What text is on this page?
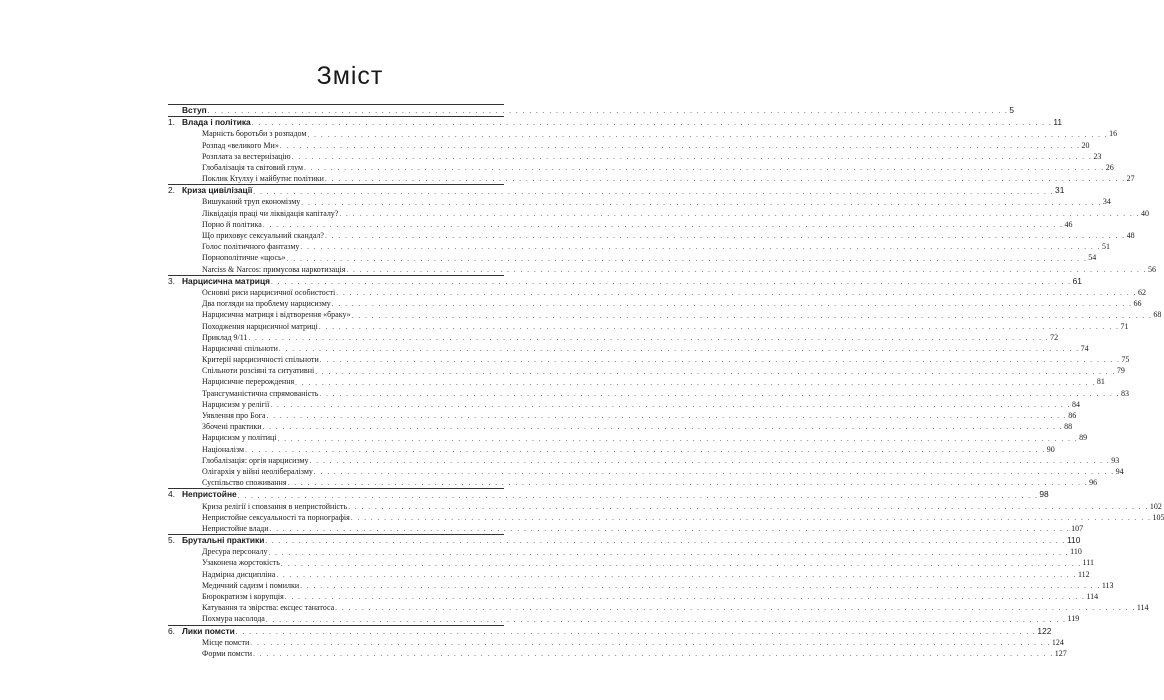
Зміст
Вступ . . . . . . . . . . . . . . . . . . . . . . . . . . . . . . . . . . . . . . . . . . . . . . . . . . . . . . . . . . . . . . . . . . . . . . . . . . . . . . . . . . . . . . . . . . . . . . . . . . . . . . . . . . . . . . . . . . . . . . . . 5
1. Влада і політика . . . . . . . . . . . . . . . . . . . . . . . . . . . . . . . . . . . . . . . . . . . . . . . . . . . . . . . . . . . . . . . . . . . . . . . . . . . . . . . . . . . . . . . . . . . . . . . . . . . . . . . . . . . . . . . . . . . . . . . . 11
Марність боротьби з розпадом . . . . . . . . . . . . . . . . . . . . . . . . . . . . . . . . . . . . . . . . . . . . . . . . . . . . . . . . . . . . . . . . . . . . . . . . . . . . . . . . . . . . . . . . . . . . . . . . . . . . . . . . . . . . . . . . . . . . . . . . 16
Розпад «великого Ми» . . . . . . . . . . . . . . . . . . . . . . . . . . . . . . . . . . . . . . . . . . . . . . . . . . . . . . . . . . . . . . . . . . . . . . . . . . . . . . . . . . . . . . . . . . . . . . . . . . . . . . . . . . . . . . . . . . . . . . . . 20
Розплата за вестернізацію . . . . . . . . . . . . . . . . . . . . . . . . . . . . . . . . . . . . . . . . . . . . . . . . . . . . . . . . . . . . . . . . . . . . . . . . . . . . . . . . . . . . . . . . . . . . . . . . . . . . . . . . . . . . . . . . . . . . . . . . 23
Глобалізація та світовий глум . . . . . . . . . . . . . . . . . . . . . . . . . . . . . . . . . . . . . . . . . . . . . . . . . . . . . . . . . . . . . . . . . . . . . . . . . . . . . . . . . . . . . . . . . . . . . . . . . . . . . . . . . . . . . . . . . . . . . . . . 26
Поклик Ктулху і майбутнє політики . . . . . . . . . . . . . . . . . . . . . . . . . . . . . . . . . . . . . . . . . . . . . . . . . . . . . . . . . . . . . . . . . . . . . . . . . . . . . . . . . . . . . . . . . . . . . . . . . . . . . . . . . . . . . . . . . . . . . . . . 27
2. Криза цивілізації . . . . . . . . . . . . . . . . . . . . . . . . . . . . . . . . . . . . . . . . . . . . . . . . . . . . . . . . . . . . . . . . . . . . . . . . . . . . . . . . . . . . . . . . . . . . . . . . . . . . . . . . . . . . . . . . . . . . . . . . 31
Вишуканий труп економізму . . . . . . . . . . . . . . . . . . . . . . . . . . . . . . . . . . . . . . . . . . . . . . . . . . . . . . . . . . . . . . . . . . . . . . . . . . . . . . . . . . . . . . . . . . . . . . . . . . . . . . . . . . . . . . . . . . . . . . . . 34
Ліквідація праці чи ліквідація капіталу? . . . . . . . . . . . . . . . . . . . . . . . . . . . . . . . . . . . . . . . . . . . . . . . . . . . . . . . . . . . . . . . . . . . . . . . . . . . . . . . . . . . . . . . . . . . . . . . . . . . . . . . . . . . . . . . . . . . . . . . . 40
Порно й політика . . . . . . . . . . . . . . . . . . . . . . . . . . . . . . . . . . . . . . . . . . . . . . . . . . . . . . . . . . . . . . . . . . . . . . . . . . . . . . . . . . . . . . . . . . . . . . . . . . . . . . . . . . . . . . . . . . . . . . . . 46
Що приховує сексуальний скандал? . . . . . . . . . . . . . . . . . . . . . . . . . . . . . . . . . . . . . . . . . . . . . . . . . . . . . . . . . . . . . . . . . . . . . . . . . . . . . . . . . . . . . . . . . . . . . . . . . . . . . . . . . . . . . . . . . . . . . . . . 48
Голос політичного фантазму . . . . . . . . . . . . . . . . . . . . . . . . . . . . . . . . . . . . . . . . . . . . . . . . . . . . . . . . . . . . . . . . . . . . . . . . . . . . . . . . . . . . . . . . . . . . . . . . . . . . . . . . . . . . . . . . . . . . . . . . 51
Порнополітичне «щось» . . . . . . . . . . . . . . . . . . . . . . . . . . . . . . . . . . . . . . . . . . . . . . . . . . . . . . . . . . . . . . . . . . . . . . . . . . . . . . . . . . . . . . . . . . . . . . . . . . . . . . . . . . . . . . . . . . . . . . . . 54
Narciss & Narcos: примусова наркотизація . . . . . . . . . . . . . . . . . . . . . . . . . . . . . . . . . . . . . . . . . . . . . . . . . . . . . . . . . . . . . . . . . . . . . . . . . . . . . . . . . . . . . . . . . . . . . . . . . . . . . . . . . . . . . . . . . . . . . . . . 56
3. Нарцисична матриця . . . . . . . . . . . . . . . . . . . . . . . . . . . . . . . . . . . . . . . . . . . . . . . . . . . . . . . . . . . . . . . . . . . . . . . . . . . . . . . . . . . . . . . . . . . . . . . . . . . . . . . . . . . . . . . . . . . . . . . . 61
Основні риси нарцисичної особистості . . . . . . . . . . . . . . . . . . . . . . . . . . . . . . . . . . . . . . . . . . . . . . . . . . . . . . . . . . . . . . . . . . . . . . . . . . . . . . . . . . . . . . . . . . . . . . . . . . . . . . . . . . . . . . . . . . . . . . . . 62
Два погляди на проблему нарцисизму . . . . . . . . . . . . . . . . . . . . . . . . . . . . . . . . . . . . . . . . . . . . . . . . . . . . . . . . . . . . . . . . . . . . . . . . . . . . . . . . . . . . . . . . . . . . . . . . . . . . . . . . . . . . . . . . . . . . . . . . 66
Нарцисична матриця і відтворення «браку» . . . . . . . . . . . . . . . . . . . . . . . . . . . . . . . . . . . . . . . . . . . . . . . . . . . . . . . . . . . . . . . . . . . . . . . . . . . . . . . . . . . . . . . . . . . . . . . . . . . . . . . . . . . . . . . . . . . . . . . . 68
Походження нарцисичної матриці . . . . . . . . . . . . . . . . . . . . . . . . . . . . . . . . . . . . . . . . . . . . . . . . . . . . . . . . . . . . . . . . . . . . . . . . . . . . . . . . . . . . . . . . . . . . . . . . . . . . . . . . . . . . . . . . . . . . . . . . 71
Приклад 9/11 . . . . . . . . . . . . . . . . . . . . . . . . . . . . . . . . . . . . . . . . . . . . . . . . . . . . . . . . . . . . . . . . . . . . . . . . . . . . . . . . . . . . . . . . . . . . . . . . . . . . . . . . . . . . . . . . . . . . . . . . 72
Нарцисичні спільноти . . . . . . . . . . . . . . . . . . . . . . . . . . . . . . . . . . . . . . . . . . . . . . . . . . . . . . . . . . . . . . . . . . . . . . . . . . . . . . . . . . . . . . . . . . . . . . . . . . . . . . . . . . . . . . . . . . . . . . . . 74
Критерії нарцисичності спільноти . . . . . . . . . . . . . . . . . . . . . . . . . . . . . . . . . . . . . . . . . . . . . . . . . . . . . . . . . . . . . . . . . . . . . . . . . . . . . . . . . . . . . . . . . . . . . . . . . . . . . . . . . . . . . . . . . . . . . . . . 75
Спільноти розсіяні та ситуативні . . . . . . . . . . . . . . . . . . . . . . . . . . . . . . . . . . . . . . . . . . . . . . . . . . . . . . . . . . . . . . . . . . . . . . . . . . . . . . . . . . . . . . . . . . . . . . . . . . . . . . . . . . . . . . . . . . . . . . . . 79
Нарцисичне перерождення . . . . . . . . . . . . . . . . . . . . . . . . . . . . . . . . . . . . . . . . . . . . . . . . . . . . . . . . . . . . . . . . . . . . . . . . . . . . . . . . . . . . . . . . . . . . . . . . . . . . . . . . . . . . . . . . . . . . . . . . 81
Трансгуманістична спрямованість . . . . . . . . . . . . . . . . . . . . . . . . . . . . . . . . . . . . . . . . . . . . . . . . . . . . . . . . . . . . . . . . . . . . . . . . . . . . . . . . . . . . . . . . . . . . . . . . . . . . . . . . . . . . . . . . . . . . . . . . 83
Нарцисизм у релігії . . . . . . . . . . . . . . . . . . . . . . . . . . . . . . . . . . . . . . . . . . . . . . . . . . . . . . . . . . . . . . . . . . . . . . . . . . . . . . . . . . . . . . . . . . . . . . . . . . . . . . . . . . . . . . . . . . . . . . . . 84
Уявлення про Бога . . . . . . . . . . . . . . . . . . . . . . . . . . . . . . . . . . . . . . . . . . . . . . . . . . . . . . . . . . . . . . . . . . . . . . . . . . . . . . . . . . . . . . . . . . . . . . . . . . . . . . . . . . . . . . . . . . . . . . . . 86
Збочені практики . . . . . . . . . . . . . . . . . . . . . . . . . . . . . . . . . . . . . . . . . . . . . . . . . . . . . . . . . . . . . . . . . . . . . . . . . . . . . . . . . . . . . . . . . . . . . . . . . . . . . . . . . . . . . . . . . . . . . . . . 88
Нарцисизм у політиці . . . . . . . . . . . . . . . . . . . . . . . . . . . . . . . . . . . . . . . . . . . . . . . . . . . . . . . . . . . . . . . . . . . . . . . . . . . . . . . . . . . . . . . . . . . . . . . . . . . . . . . . . . . . . . . . . . . . . . . . 89
Націоналізм . . . . . . . . . . . . . . . . . . . . . . . . . . . . . . . . . . . . . . . . . . . . . . . . . . . . . . . . . . . . . . . . . . . . . . . . . . . . . . . . . . . . . . . . . . . . . . . . . . . . . . . . . . . . . . . . . . . . . . . . 90
Глобалізація: оргія нарцисизму . . . . . . . . . . . . . . . . . . . . . . . . . . . . . . . . . . . . . . . . . . . . . . . . . . . . . . . . . . . . . . . . . . . . . . . . . . . . . . . . . . . . . . . . . . . . . . . . . . . . . . . . . . . . . . . . . . . . . . . . 93
Олігархія у війні неолібералізму . . . . . . . . . . . . . . . . . . . . . . . . . . . . . . . . . . . . . . . . . . . . . . . . . . . . . . . . . . . . . . . . . . . . . . . . . . . . . . . . . . . . . . . . . . . . . . . . . . . . . . . . . . . . . . . . . . . . . . . . 94
Суспільство споживання . . . . . . . . . . . . . . . . . . . . . . . . . . . . . . . . . . . . . . . . . . . . . . . . . . . . . . . . . . . . . . . . . . . . . . . . . . . . . . . . . . . . . . . . . . . . . . . . . . . . . . . . . . . . . . . . . . . . . . . . 96
4. Непристойне . . . . . . . . . . . . . . . . . . . . . . . . . . . . . . . . . . . . . . . . . . . . . . . . . . . . . . . . . . . . . . . . . . . . . . . . . . . . . . . . . . . . . . . . . . . . . . . . . . . . . . . . . . . . . . . . . . . . . . . . 98
Криза релігії і сповзання в непристойність . . . . . . . . . . . . . . . . . . . . . . . . . . . . . . . . . . . . . . . . . . . . . . . . . . . . . . . . . . . . . . . . . . . . . . . . . . . . . . . . . . . . . . . . . . . . . . . . . . . . . . . . . . . . . . . . . . . . . . . . 102
Непристойне сексуальності та порнографія . . . . . . . . . . . . . . . . . . . . . . . . . . . . . . . . . . . . . . . . . . . . . . . . . . . . . . . . . . . . . . . . . . . . . . . . . . . . . . . . . . . . . . . . . . . . . . . . . . . . . . . . . . . . . . . . . . . . . . . . 105
Непристойне влади . . . . . . . . . . . . . . . . . . . . . . . . . . . . . . . . . . . . . . . . . . . . . . . . . . . . . . . . . . . . . . . . . . . . . . . . . . . . . . . . . . . . . . . . . . . . . . . . . . . . . . . . . . . . . . . . . . . . . . . . 107
5. Брутальні практики . . . . . . . . . . . . . . . . . . . . . . . . . . . . . . . . . . . . . . . . . . . . . . . . . . . . . . . . . . . . . . . . . . . . . . . . . . . . . . . . . . . . . . . . . . . . . . . . . . . . . . . . . . . . . . . . . . . . . . . . 110
Дресура персоналу . . . . . . . . . . . . . . . . . . . . . . . . . . . . . . . . . . . . . . . . . . . . . . . . . . . . . . . . . . . . . . . . . . . . . . . . . . . . . . . . . . . . . . . . . . . . . . . . . . . . . . . . . . . . . . . . . . . . . . . . 110
Узаконена жорстокість . . . . . . . . . . . . . . . . . . . . . . . . . . . . . . . . . . . . . . . . . . . . . . . . . . . . . . . . . . . . . . . . . . . . . . . . . . . . . . . . . . . . . . . . . . . . . . . . . . . . . . . . . . . . . . . . . . . . . . . . 111
Надмірна дисципліна . . . . . . . . . . . . . . . . . . . . . . . . . . . . . . . . . . . . . . . . . . . . . . . . . . . . . . . . . . . . . . . . . . . . . . . . . . . . . . . . . . . . . . . . . . . . . . . . . . . . . . . . . . . . . . . . . . . . . . . . 112
Медичний садизм і помилки . . . . . . . . . . . . . . . . . . . . . . . . . . . . . . . . . . . . . . . . . . . . . . . . . . . . . . . . . . . . . . . . . . . . . . . . . . . . . . . . . . . . . . . . . . . . . . . . . . . . . . . . . . . . . . . . . . . . . . . . 113
Бюрократизм і корупція . . . . . . . . . . . . . . . . . . . . . . . . . . . . . . . . . . . . . . . . . . . . . . . . . . . . . . . . . . . . . . . . . . . . . . . . . . . . . . . . . . . . . . . . . . . . . . . . . . . . . . . . . . . . . . . . . . . . . . . . 114
Катування та звірства: ексцес танатоса . . . . . . . . . . . . . . . . . . . . . . . . . . . . . . . . . . . . . . . . . . . . . . . . . . . . . . . . . . . . . . . . . . . . . . . . . . . . . . . . . . . . . . . . . . . . . . . . . . . . . . . . . . . . . . . . . . . . . . . . 114
Похмура насолода . . . . . . . . . . . . . . . . . . . . . . . . . . . . . . . . . . . . . . . . . . . . . . . . . . . . . . . . . . . . . . . . . . . . . . . . . . . . . . . . . . . . . . . . . . . . . . . . . . . . . . . . . . . . . . . . . . . . . . . . 119
6. Лики помсти . . . . . . . . . . . . . . . . . . . . . . . . . . . . . . . . . . . . . . . . . . . . . . . . . . . . . . . . . . . . . . . . . . . . . . . . . . . . . . . . . . . . . . . . . . . . . . . . . . . . . . . . . . . . . . . . . . . . . . . . 122
Місце помсти . . . . . . . . . . . . . . . . . . . . . . . . . . . . . . . . . . . . . . . . . . . . . . . . . . . . . . . . . . . . . . . . . . . . . . . . . . . . . . . . . . . . . . . . . . . . . . . . . . . . . . . . . . . . . . . . . . . . . . . . 124
Форми помсти . . . . . . . . . . . . . . . . . . . . . . . . . . . . . . . . . . . . . . . . . . . . . . . . . . . . . . . . . . . . . . . . . . . . . . . . . . . . . . . . . . . . . . . . . . . . . . . . . . . . . . . . . . . . . . . . . . . . . . . . 127
